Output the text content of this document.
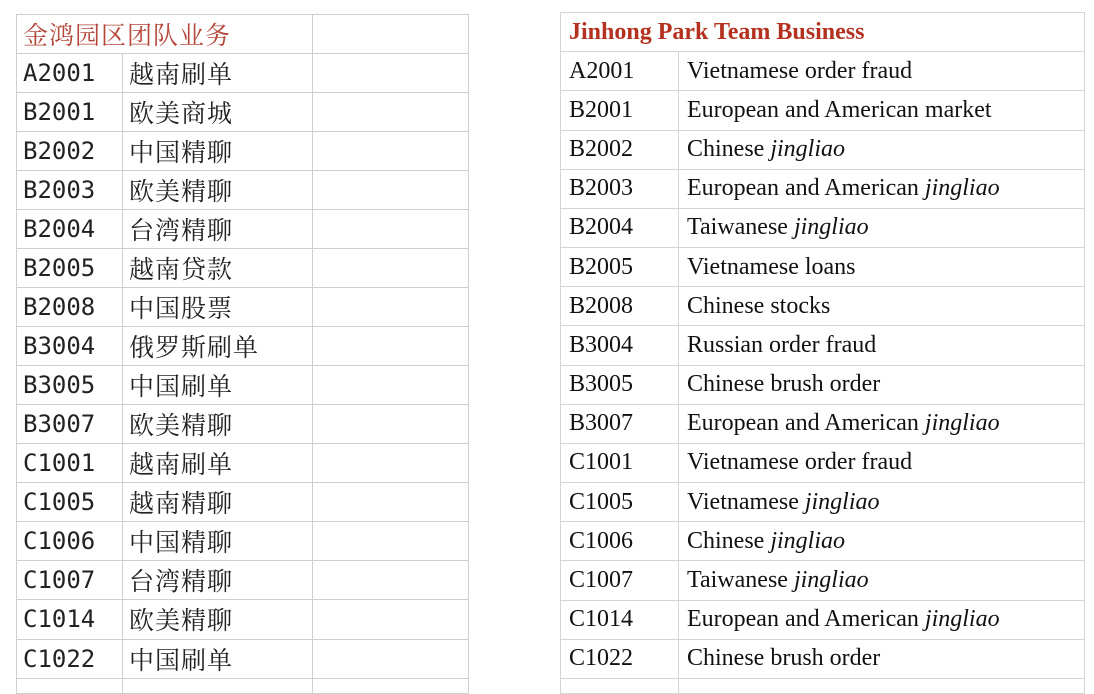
金鸿园区团队业务		
A2001	越南刷单	
B2001	欧美商城	
B2002	中国精聊	
B2003	欧美精聊	
B2004	台湾精聊	
B2005	越南贷款	
B2008	中国股票	
B3004	俄罗斯刷单	
B3005	中国刷单	
B3007	欧美精聊	
C1001	越南刷单	
C1005	越南精聊	
C1006	中国精聊	
C1007	台湾精聊	
C1014	欧美精聊	
C1022	中国刷单	

Jinhong Park Team Business	
A2001	Vietnamese order fraud
B2001	European and American market
B2002	Chinese jingliao
B2003	European and American jingliao
B2004	Taiwanese jingliao
B2005	Vietnamese loans
B2008	Chinese stocks
B3004	Russian order fraud
B3005	Chinese brush order
B3007	European and American jingliao
C1001	Vietnamese order fraud
C1005	Vietnamese jingliao
C1006	Chinese jingliao
C1007	Taiwanese jingliao
C1014	European and American jingliao
C1022	Chinese brush order
